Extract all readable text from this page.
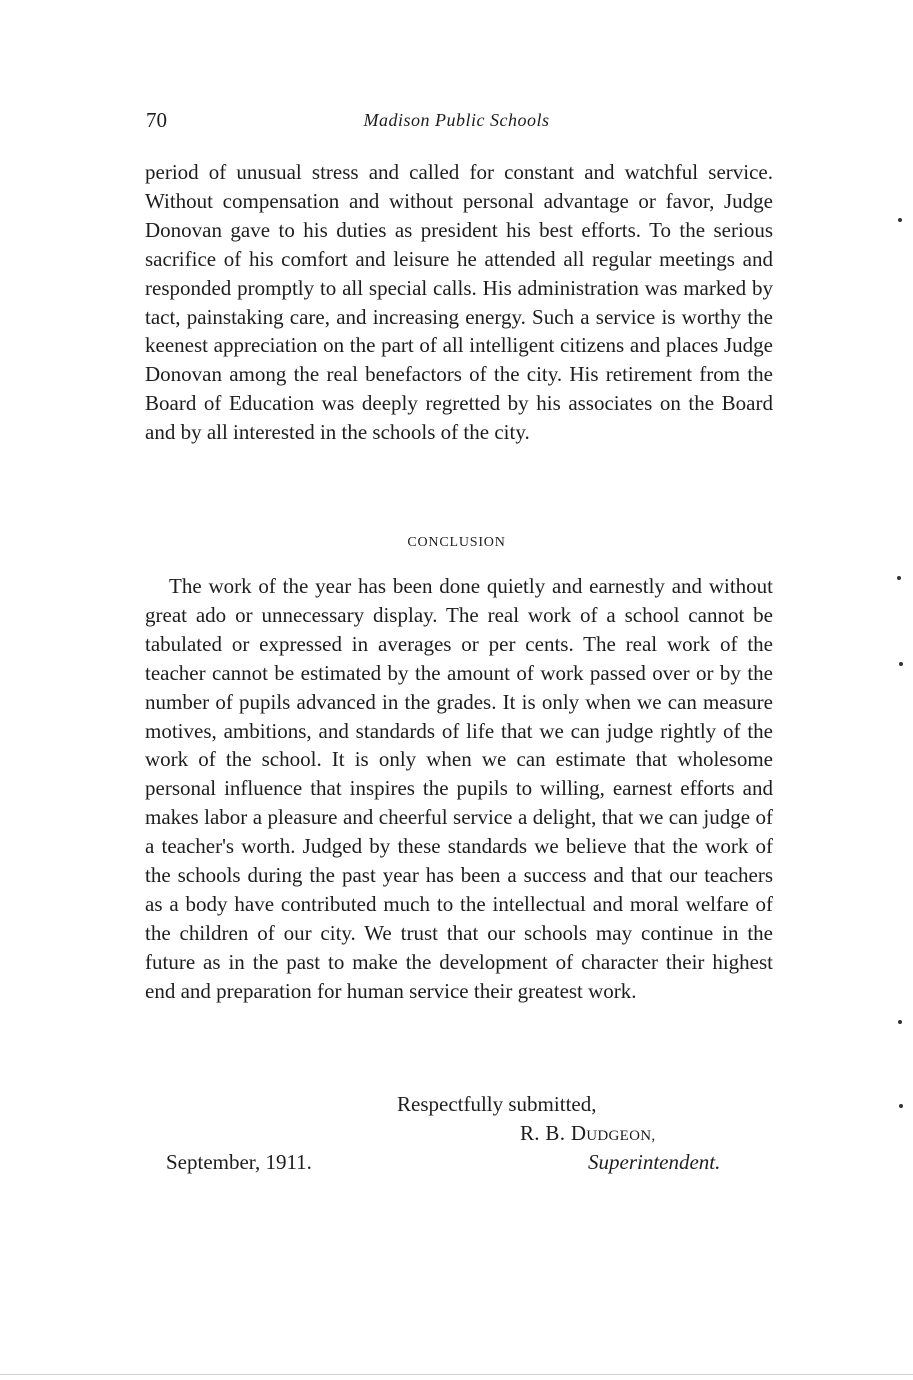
70	Madison Public Schools

period of unusual stress and called for constant and watchful service. Without compensation and without personal advantage or favor, Judge Donovan gave to his duties as president his best efforts. To the serious sacrifice of his comfort and leisure he attended all regular meetings and responded promptly to all special calls. His administration was marked by tact, painstaking care, and increasing energy. Such a service is worthy the keenest appreciation on the part of all intelligent citizens and places Judge Donovan among the real benefactors of the city. His retirement from the Board of Education was deeply regretted by his associates on the Board and by all interested in the schools of the city.

CONCLUSION

The work of the year has been done quietly and earnestly and without great ado or unnecessary display. The real work of a school cannot be tabulated or expressed in averages or per cents. The real work of the teacher cannot be estimated by the amount of work passed over or by the number of pupils advanced in the grades. It is only when we can measure motives, ambitions, and standards of life that we can judge rightly of the work of the school. It is only when we can estimate that wholesome personal influence that inspires the pupils to willing, earnest efforts and makes labor a pleasure and cheerful service a delight, that we can judge of a teacher's worth. Judged by these standards we believe that the work of the schools during the past year has been a success and that our teachers as a body have contributed much to the intellectual and moral welfare of the children of our city. We trust that our schools may continue in the future as in the past to make the development of character their highest end and preparation for human service their greatest work.

Respectfully submitted,
R. B. DUDGEON,
September, 1911.	Superintendent.
